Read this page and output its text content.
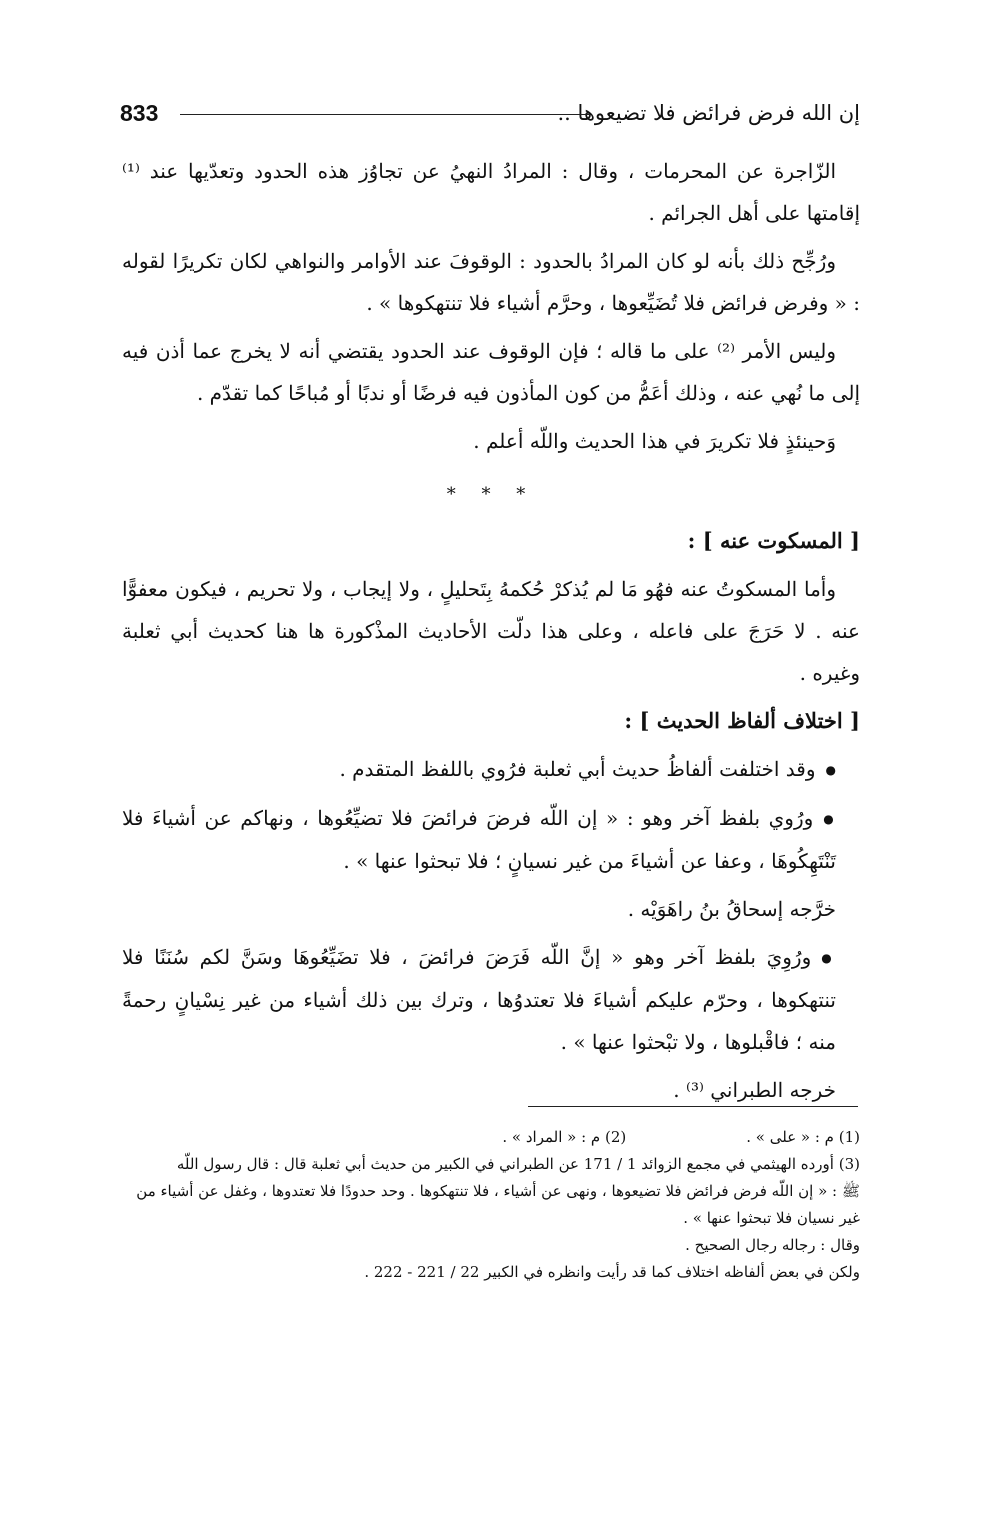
إن الله فرض فرائض فلا تضيعوها ..
833

الزّاجرة عن المحرمات ، وقال : المرادُ النهيُ عن تجاوُز هذه الحدود وتعدّيها عند ⁽¹⁾ إقامتها على أهل الجرائم .

ورُجِّح ذلك بأنه لو كان المرادُ بالحدود : الوقوفَ عند الأوامر والنواهي لكان تكريرًا لقوله : « وفرض فرائض فلا تُضَيِّعوها ، وحرَّم أشياء فلا تنتهكوها » .

وليس الأمر ⁽²⁾ على ما قاله ؛ فإن الوقوف عند الحدود يقتضي أنه لا يخرج عما أذن فيه إلى ما نُهي عنه ، وذلك أعَمُّ من كون المأذون فيه فرضًا أو ندبًا أو مُباحًا كما تقدّم .

وَحينئذٍ فلا تكريرَ في هذا الحديث واللّه أعلم .

* * *

[ المسكوت عنه ] :

وأما المسكوتُ عنه فهُو مَا لم يُذكرْ حُكمهُ بِتَحليلٍ ، ولا إيجاب ، ولا تحريم ، فيكون معفوًّا عنه . لا حَرَجَ على فاعله ، وعلى هذا دلّت الأحاديث المذْكورة ها هنا كحديث أبي ثعلبة وغيره .

[ اختلاف ألفاظ الحديث ] :

● وقد اختلفت ألفاظُ حديث أبي ثعلبة فرُوي باللفظ المتقدم .

● ورُوي بلفظ آخر وهو : « إن اللّه فرضَ فرائضَ فلا تضيِّعُوها ، ونهاكم عن أشياءَ فلا تَنْتَهِكُوهَا ، وعفا عن أشياءَ من غير نسيانٍ ؛ فلا تبحثوا عنها » .

خرَّجه إسحاقُ بنُ راهَوَيْه .

● ورُوِيَ بلفظ آخر وهو « إنَّ اللّه فَرَضَ فرائضَ ، فلا تضَيِّعُوهَا وسَنَّ لكم سُنَنًا فلا تنتهكوها ، وحرّم عليكم أشياءَ فلا تعتدوُها ، وترك بين ذلك أشياء من غير نِسْيانٍ رحمةً منه ؛ فاقْبلوها ، ولا تبْحثوا عنها » .

خرجه الطبراني ⁽³⁾ .

(1) م : « على » .
(2) م : « المراد » .
(3) أورده الهيثمي في مجمع الزوائد 1 / 171 عن الطبراني في الكبير من حديث أبي ثعلبة قال : قال رسول اللّه
ﷺ : « إن اللّه فرض فرائض فلا تضيعوها ، ونهى عن أشياء ، فلا تنتهكوها . وحد حدودًا فلا تعتدوها ، وغفل عن أشياء من غير نسيان فلا تبحثوا عنها » .
وقال : رجاله رجال الصحيح .
ولكن في بعض ألفاظه اختلاف كما قد رأيت وانظره في الكبير 22 / 221 - 222 .
